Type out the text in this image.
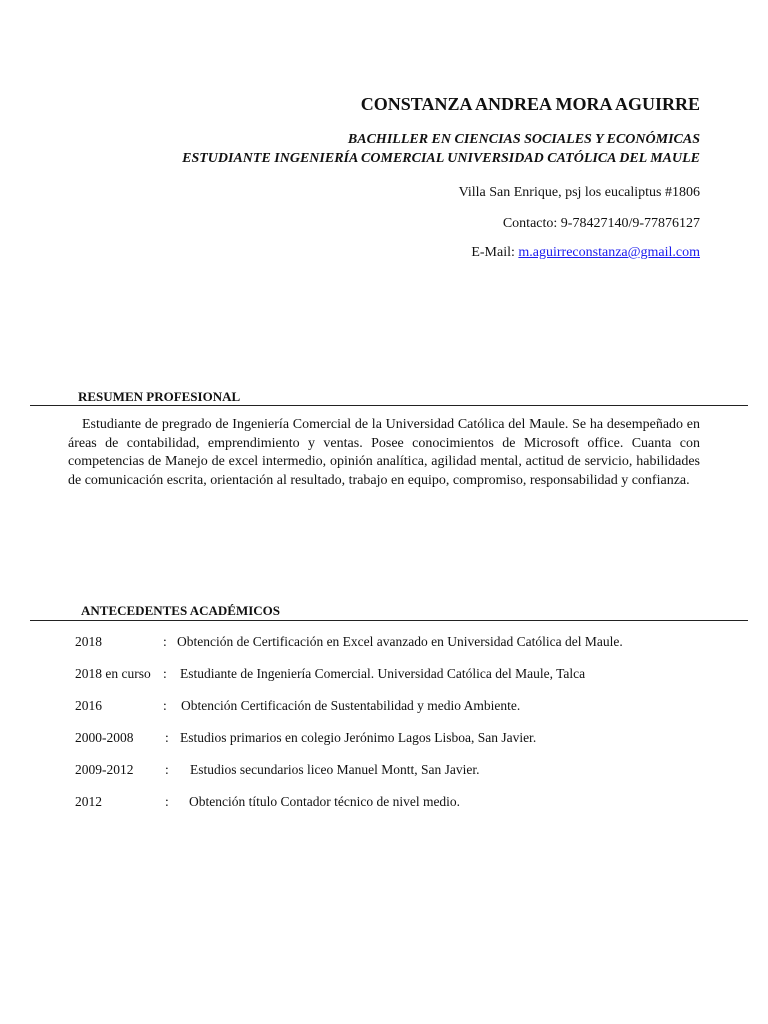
CONSTANZA ANDREA MORA AGUIRRE

BACHILLER EN CIENCIAS SOCIALES Y ECONÓMICAS

ESTUDIANTE INGENIERÍA COMERCIAL UNIVERSIDAD CATÓLICA DEL MAULE

Villa San Enrique, psj los eucaliptus #1806

Contacto: 9-78427140/9-77876127

E-Mail: m.aguirreconstanza@gmail.com

RESUMEN PROFESIONAL

Estudiante de pregrado de Ingeniería Comercial de la Universidad Católica del Maule. Se ha desempeñado en áreas de contabilidad, emprendimiento y ventas. Posee conocimientos de Microsoft office. Cuanta con competencias de Manejo de excel intermedio, opinión analítica, agilidad mental, actitud de servicio, habilidades de comunicación escrita, orientación al resultado, trabajo en equipo, compromiso, responsabilidad y confianza.

ANTECEDENTES ACADÉMICOS

2018	: Obtención de Certificación en Excel avanzado en Universidad Católica del Maule.
2018 en curso : Estudiante de Ingeniería Comercial. Universidad Católica del Maule, Talca
2016	: Obtención Certificación de Sustentabilidad y medio Ambiente.
2000-2008 : Estudios primarios en colegio Jerónimo Lagos Lisboa, San Javier.
2009-2012 : Estudios secundarios liceo Manuel Montt, San Javier.
2012	: Obtención título Contador técnico de nivel medio.
